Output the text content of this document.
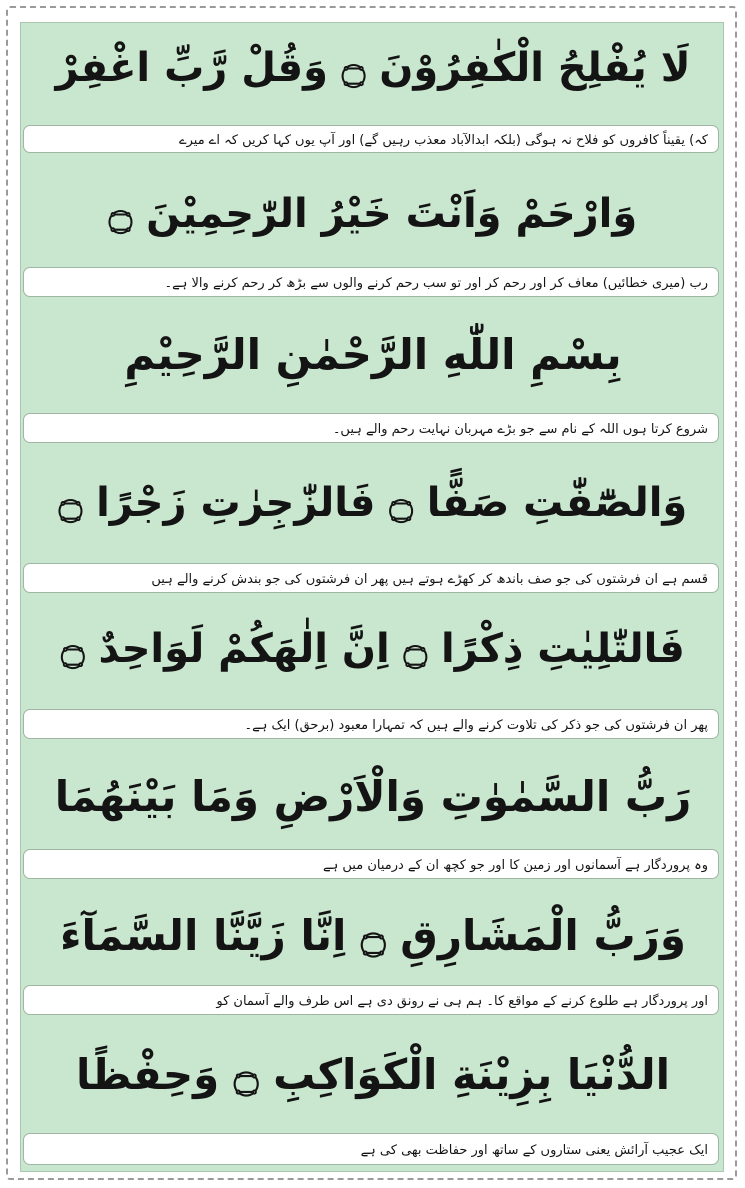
لَا يُفْلِحُ الْكٰفِرُوْنَ ۝ وَقُلْ رَّبِّ اغْفِرْ
کہ) یقیناً کافروں کو فلاح نہ ہوگی (بلکہ ابدالآباد معذب رہیں گے) اور آپ یوں کہا کریں کہ اے میرے
وَارْحَمْ وَاَنْتَ خَيْرُ الرّٰحِمِيْنَ ۝
رب (میری خطائیں) معاف کر اور رحم کر اور تو سب رحم کرنے والوں سے بڑھ کر رحم کرنے والا ہے۔
بِسْمِ اللّٰهِ الرَّحْمٰنِ الرَّحِيْمِ
شروع کرتا ہوں اللہ کے نام سے جو بڑے مہربان نہایت رحم والے ہیں۔
وَالصّٰٓفّٰتِ صَفًّا ۝ فَالزّٰجِرٰتِ زَجْرًا ۝
قسم ہے ان فرشتوں کی جو صف باندھ کر کھڑے ہوتے ہیں پھر ان فرشتوں کی جو بندش کرنے والے ہیں
فَالتّٰلِيٰتِ ذِكْرًا ۝ اِنَّ اِلٰهَكُمْ لَوَاحِدٌ ۝
پھر ان فرشتوں کی جو ذکر کی تلاوت کرنے والے ہیں کہ تمہارا معبود (برحق) ایک ہے۔
رَبُّ السَّمٰوٰتِ وَالْاَرْضِ وَمَا بَيْنَهُمَا
وہ پروردگار ہے آسمانوں اور زمین کا اور جو کچھ ان کے درمیان میں ہے
وَرَبُّ الْمَشَارِقِ ۝ اِنَّا زَيَّنَّا السَّمَآءَ
اور پروردگار ہے طلوع کرنے کے مواقع کا۔ ہم ہی نے رونق دی ہے اس طرف والے آسمان کو
الدُّنْيَا بِزِيْنَةِ الْكَوَاكِبِ ۝ وَحِفْظًا
ایک عجیب آرائش یعنی ستاروں کے ساتھ اور حفاظت بھی کی ہے
